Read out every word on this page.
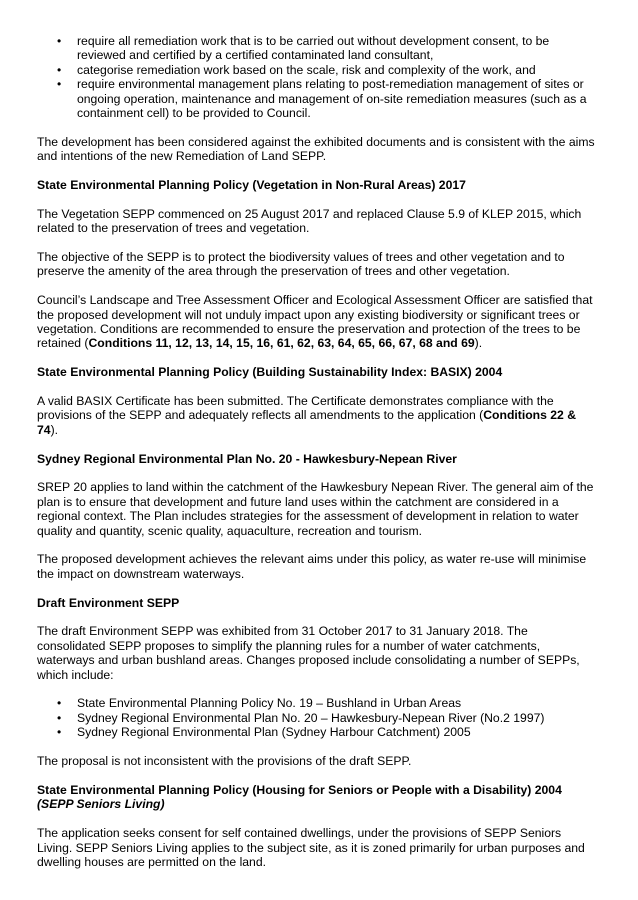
• require all remediation work that is to be carried out without development consent, to be reviewed and certified by a certified contaminated land consultant,
• categorise remediation work based on the scale, risk and complexity of the work, and
• require environmental management plans relating to post-remediation management of sites or ongoing operation, maintenance and management of on-site remediation measures (such as a containment cell) to be provided to Council.

The development has been considered against the exhibited documents and is consistent with the aims and intentions of the new Remediation of Land SEPP.

State Environmental Planning Policy (Vegetation in Non-Rural Areas) 2017

The Vegetation SEPP commenced on 25 August 2017 and replaced Clause 5.9 of KLEP 2015, which related to the preservation of trees and vegetation.

The objective of the SEPP is to protect the biodiversity values of trees and other vegetation and to preserve the amenity of the area through the preservation of trees and other vegetation.

Council’s Landscape and Tree Assessment Officer and Ecological Assessment Officer are satisfied that the proposed development will not unduly impact upon any existing biodiversity or significant trees or vegetation. Conditions are recommended to ensure the preservation and protection of the trees to be retained (Conditions 11, 12, 13, 14, 15, 16, 61, 62, 63, 64, 65, 66, 67, 68 and 69).

State Environmental Planning Policy (Building Sustainability Index: BASIX) 2004

A valid BASIX Certificate has been submitted. The Certificate demonstrates compliance with the provisions of the SEPP and adequately reflects all amendments to the application (Conditions 22 & 74).

Sydney Regional Environmental Plan No. 20 - Hawkesbury-Nepean River

SREP 20 applies to land within the catchment of the Hawkesbury Nepean River. The general aim of the plan is to ensure that development and future land uses within the catchment are considered in a regional context. The Plan includes strategies for the assessment of development in relation to water quality and quantity, scenic quality, aquaculture, recreation and tourism.

The proposed development achieves the relevant aims under this policy, as water re-use will minimise the impact on downstream waterways.

Draft Environment SEPP

The draft Environment SEPP was exhibited from 31 October 2017 to 31 January 2018. The consolidated SEPP proposes to simplify the planning rules for a number of water catchments, waterways and urban bushland areas. Changes proposed include consolidating a number of SEPPs, which include:

• State Environmental Planning Policy No. 19 – Bushland in Urban Areas
• Sydney Regional Environmental Plan No. 20 – Hawkesbury-Nepean River (No.2 1997)
• Sydney Regional Environmental Plan (Sydney Harbour Catchment) 2005

The proposal is not inconsistent with the provisions of the draft SEPP.

State Environmental Planning Policy (Housing for Seniors or People with a Disability) 2004
(SEPP Seniors Living)

The application seeks consent for self contained dwellings, under the provisions of SEPP Seniors Living. SEPP Seniors Living applies to the subject site, as it is zoned primarily for urban purposes and dwelling houses are permitted on the land.
